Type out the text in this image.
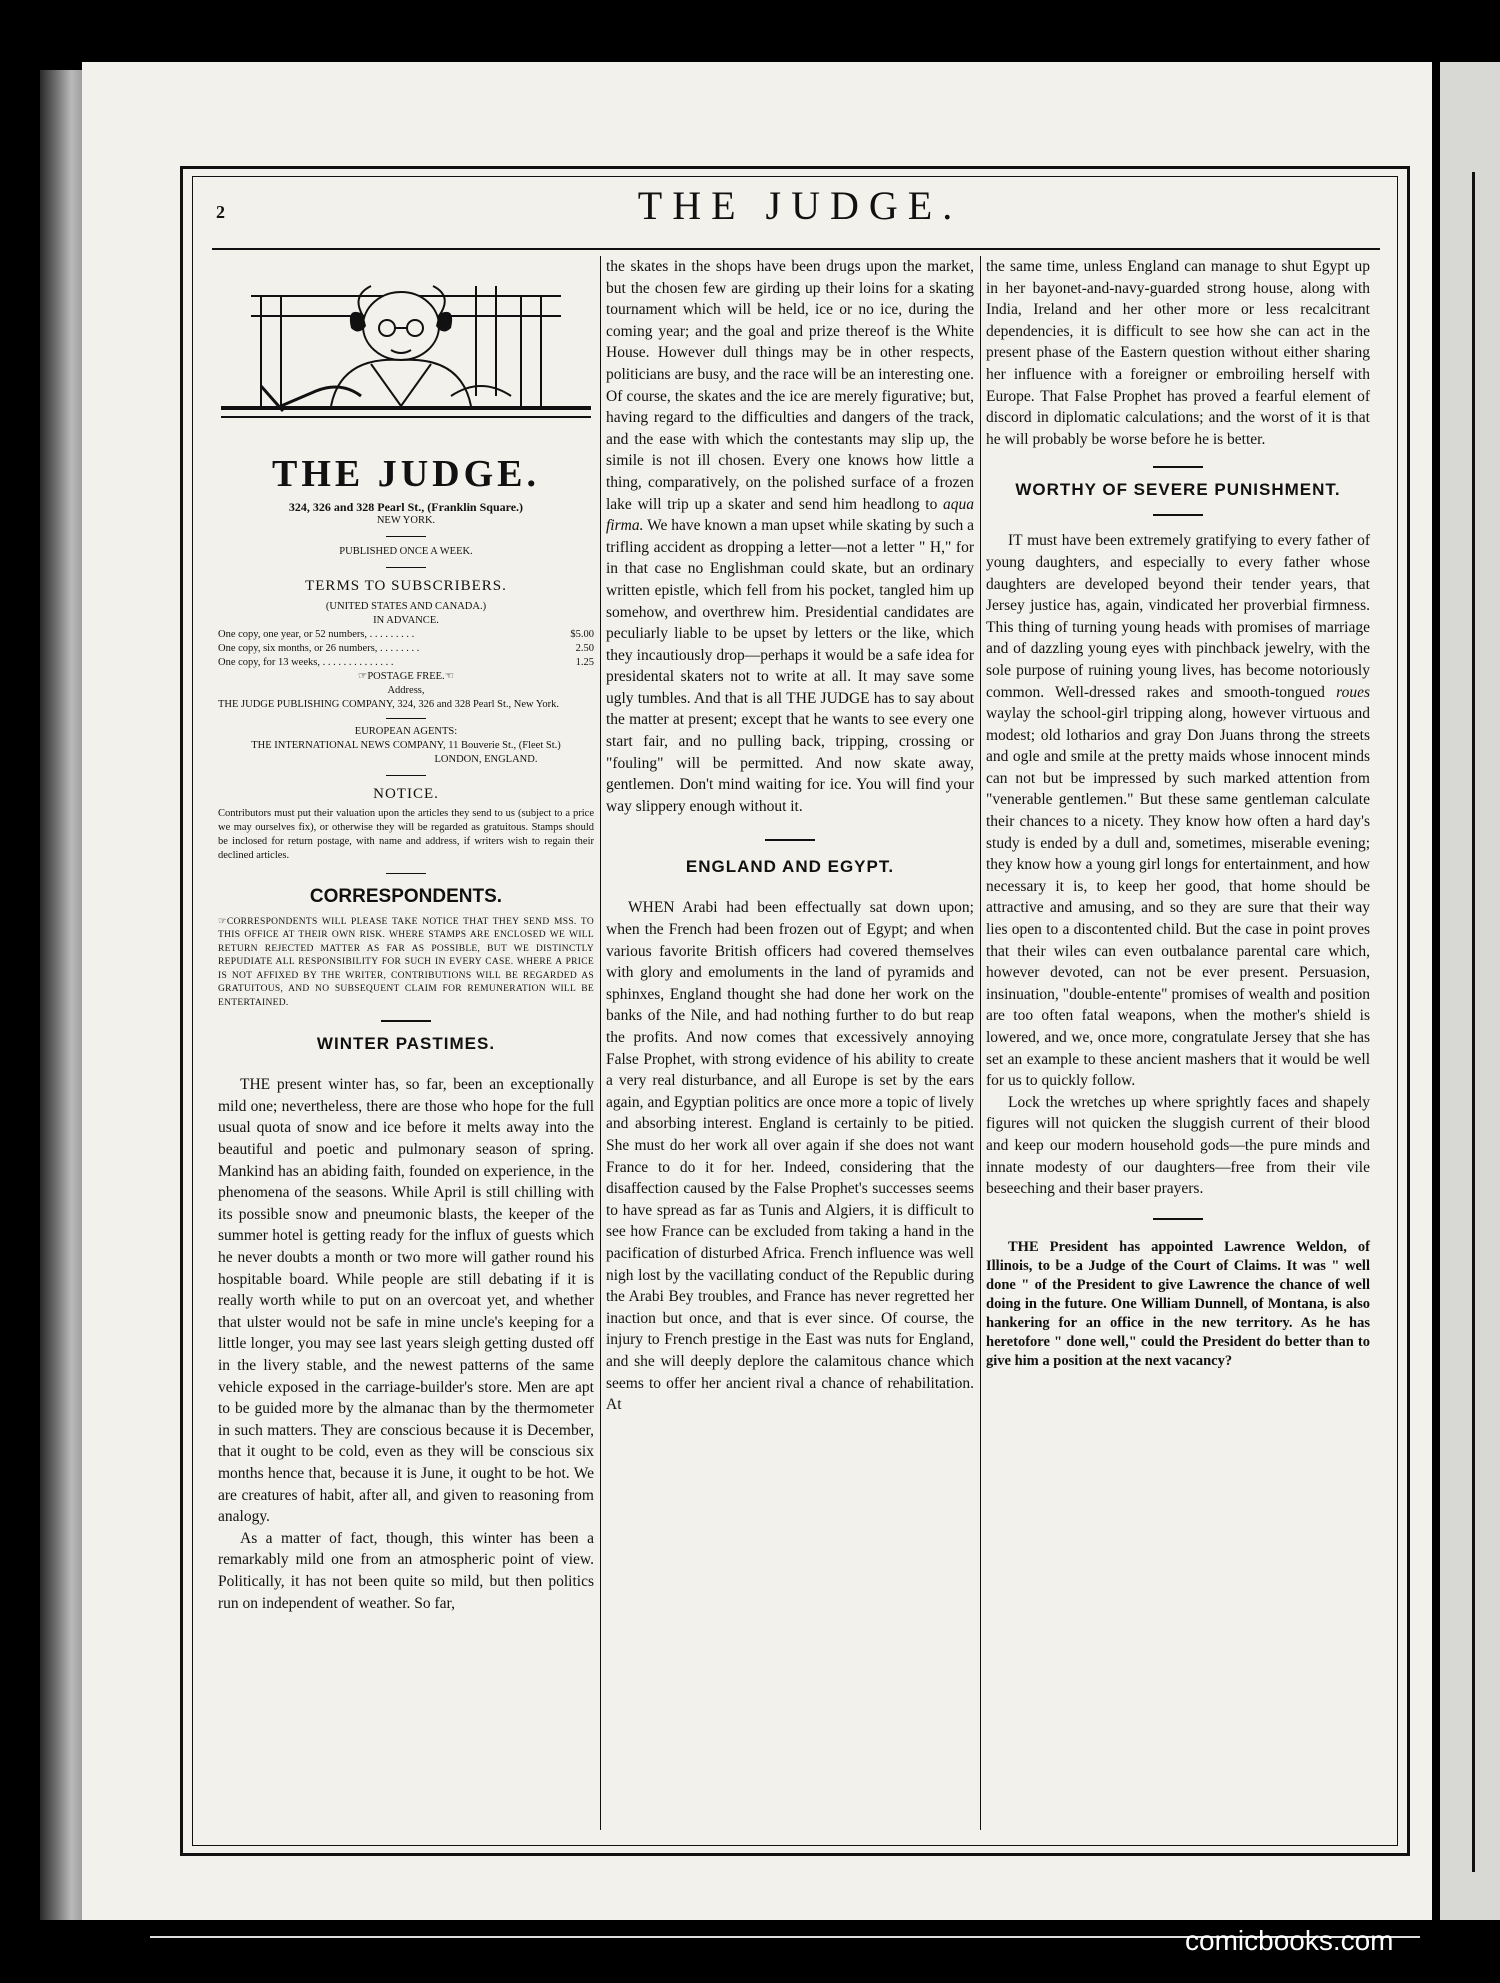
2	THE JUDGE.
THE JUDGE.
324, 326 and 328 Pearl St., (Franklin Square.)
NEW YORK.
PUBLISHED ONCE A WEEK.
TERMS TO SUBSCRIBERS.
(UNITED STATES AND CANADA.)
IN ADVANCE.
One copy, one year, or 52 numbers, . . . . . . . . .	$5.00
One copy, six months, or 26 numbers, . . . . . . . .	2.50
One copy, for 13 weeks, . . . . . . . . . . . . . .	1.25
☞POSTAGE FREE.☜
Address,
THE JUDGE PUBLISHING COMPANY, 324, 326 and 328 Pearl St., New York.
EUROPEAN AGENTS:
THE INTERNATIONAL NEWS COMPANY, 11 Bouverie St., (Fleet St.)
LONDON, ENGLAND.
NOTICE.
Contributors must put their valuation upon the articles they send to us (subject to a price we may ourselves fix), or otherwise they will be regarded as gratuitous. Stamps should be inclosed for return postage, with name and address, if writers wish to regain their declined articles.
CORRESPONDENTS.
☞CORRESPONDENTS WILL PLEASE TAKE NOTICE THAT THEY SEND MSS. TO THIS OFFICE AT THEIR OWN RISK. WHERE STAMPS ARE ENCLOSED WE WILL RETURN REJECTED MATTER AS FAR AS POSSIBLE, BUT WE DISTINCTLY REPUDIATE ALL RESPONSIBILITY FOR SUCH IN EVERY CASE. WHERE A PRICE IS NOT AFFIXED BY THE WRITER, CONTRIBUTIONS WILL BE REGARDED AS GRATUITOUS, AND NO SUBSEQUENT CLAIM FOR REMUNERATION WILL BE ENTERTAINED.
WINTER PASTIMES.

THE present winter has, so far, been an exceptionally mild one; nevertheless, there are those who hope for the full usual quota of snow and ice before it melts away into the beautiful and poetic and pulmonary season of spring. Mankind has an abiding faith, founded on experience, in the phenomena of the seasons. While April is still chilling with its possible snow and pneumonic blasts, the keeper of the summer hotel is getting ready for the influx of guests which he never doubts a month or two more will gather round his hospitable board. While people are still debating if it is really worth while to put on an overcoat yet, and whether that ulster would not be safe in mine uncle's keeping for a little longer, you may see last years sleigh getting dusted off in the livery stable, and the newest patterns of the same vehicle exposed in the carriage-builder's store. Men are apt to be guided more by the almanac than by the thermometer in such matters. They are conscious because it is December, that it ought to be cold, even as they will be conscious six months hence that, because it is June, it ought to be hot. We are creatures of habit, after all, and given to reasoning from analogy.

As a matter of fact, though, this winter has been a remarkably mild one from an atmospheric point of view. Politically, it has not been quite so mild, but then politics run on independent of weather. So far,

the skates in the shops have been drugs upon the market, but the chosen few are girding up their loins for a skating tournament which will be held, ice or no ice, during the coming year; and the goal and prize thereof is the White House. However dull things may be in other respects, politicians are busy, and the race will be an interesting one. Of course, the skates and the ice are merely figurative; but, having regard to the difficulties and dangers of the track, and the ease with which the contestants may slip up, the simile is not ill chosen. Every one knows how little a thing, comparatively, on the polished surface of a frozen lake will trip up a skater and send him headlong to aqua firma. We have known a man upset while skating by such a trifling accident as dropping a letter—not a letter " H," for in that case no Englishman could skate, but an ordinary written epistle, which fell from his pocket, tangled him up somehow, and overthrew him. Presidential candidates are peculiarly liable to be upset by letters or the like, which they incautiously drop—perhaps it would be a safe idea for presidental skaters not to write at all. It may save some ugly tumbles. And that is all THE JUDGE has to say about the matter at present; except that he wants to see every one start fair, and no pulling back, tripping, crossing or "fouling" will be permitted. And now skate away, gentlemen. Don't mind waiting for ice. You will find your way slippery enough without it.

ENGLAND AND EGYPT.

WHEN Arabi had been effectually sat down upon; when the French had been frozen out of Egypt; and when various favorite British officers had covered themselves with glory and emoluments in the land of pyramids and sphinxes, England thought she had done her work on the banks of the Nile, and had nothing further to do but reap the profits. And now comes that excessively annoying False Prophet, with strong evidence of his ability to create a very real disturbance, and all Europe is set by the ears again, and Egyptian politics are once more a topic of lively and absorbing interest. England is certainly to be pitied. She must do her work all over again if she does not want France to do it for her. Indeed, considering that the disaffection caused by the False Prophet's successes seems to have spread as far as Tunis and Algiers, it is difficult to see how France can be excluded from taking a hand in the pacification of disturbed Africa. French influence was well nigh lost by the vacillating conduct of the Republic during the Arabi Bey troubles, and France has never regretted her inaction but once, and that is ever since. Of course, the injury to French prestige in the East was nuts for England, and she will deeply deplore the calamitous chance which seems to offer her ancient rival a chance of rehabilitation. At

the same time, unless England can manage to shut Egypt up in her bayonet-and-navy-guarded strong house, along with India, Ireland and her other more or less recalcitrant dependencies, it is difficult to see how she can act in the present phase of the Eastern question without either sharing her influence with a foreigner or embroiling herself with Europe. That False Prophet has proved a fearful element of discord in diplomatic calculations; and the worst of it is that he will probably be worse before he is better.

WORTHY OF SEVERE PUNISHMENT.

IT must have been extremely gratifying to every father of young daughters, and especially to every father whose daughters are developed beyond their tender years, that Jersey justice has, again, vindicated her proverbial firmness. This thing of turning young heads with promises of marriage and of dazzling young eyes with pinchback jewelry, with the sole purpose of ruining young lives, has become notoriously common. Well-dressed rakes and smooth-tongued roues waylay the school-girl tripping along, however virtuous and modest; old lotharios and gray Don Juans throng the streets and ogle and smile at the pretty maids whose innocent minds can not but be impressed by such marked attention from "venerable gentlemen." But these same gentleman calculate their chances to a nicety. They know how often a hard day's study is ended by a dull and, sometimes, miserable evening; they know how a young girl longs for entertainment, and how necessary it is, to keep her good, that home should be attractive and amusing, and so they are sure that their way lies open to a discontented child. But the case in point proves that their wiles can even outbalance parental care which, however devoted, can not be ever present. Persuasion, insinuation, "double-entente" promises of wealth and position are too often fatal weapons, when the mother's shield is lowered, and we, once more, congratulate Jersey that she has set an example to these ancient mashers that it would be well for us to quickly follow.

Lock the wretches up where sprightly faces and shapely figures will not quicken the sluggish current of their blood and keep our modern household gods—the pure minds and innate modesty of our daughters—free from their vile beseeching and their baser prayers.

THE President has appointed Lawrence Weldon, of Illinois, to be a Judge of the Court of Claims. It was " well done " of the President to give Lawrence the chance of well doing in the future. One William Dunnell, of Montana, is also hankering for an office in the new territory. As he has heretofore " done well," could the President do better than to give him a position at the next vacancy?

comicbooks.com
